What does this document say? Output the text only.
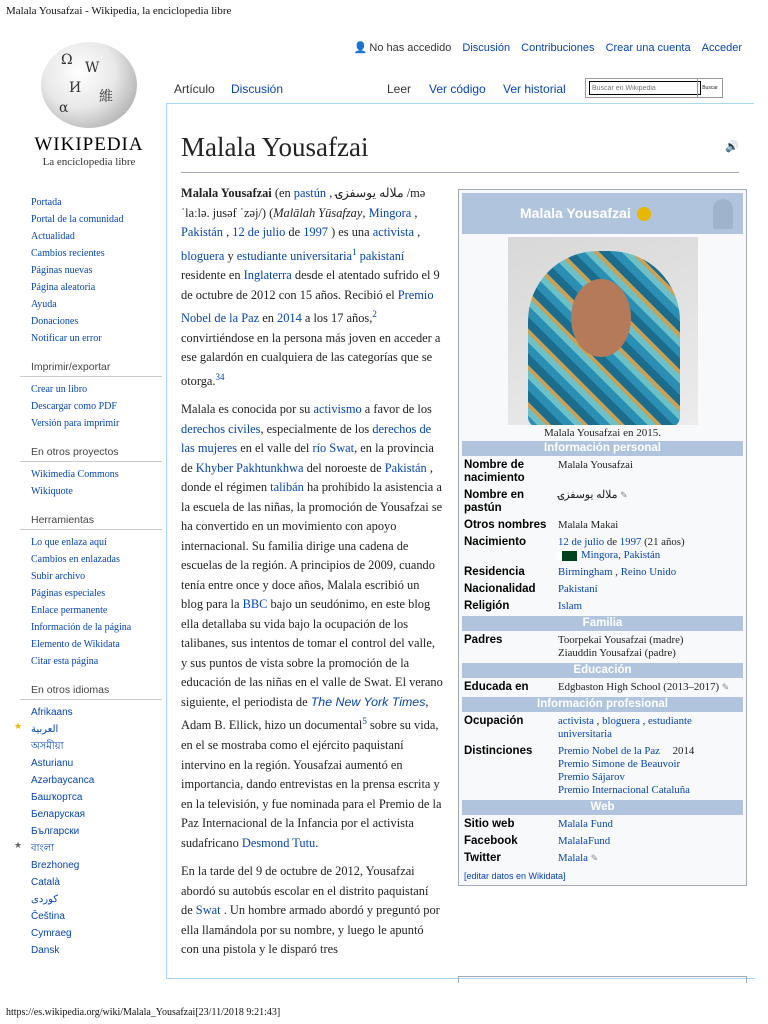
Malala Yousafzai - Wikipedia, la enciclopedia libre
Ω W
И
維
α
WIKIPEDIA
La enciclopedia libre
Portada
Portal de la comunidad
Actualidad
Cambios recientes
Páginas nuevas
Página aleatoria
Ayuda
Donaciones
Notificar un error
Imprimir/exportar
Crear un libro
Descargar como PDF
Versión para imprimir
En otros proyectos
Wikimedia Commons
Wikiquote
Herramientas
Lo que enlaza aquí
Cambios en enlazadas
Subir archivo
Páginas especiales
Enlace permanente
Información de la página
Elemento de Wikidata
Citar esta página
En otros idiomas
Afrikaans
★ العربية
অসমীয়া
Asturianu
Azərbaycanca
Башҡортса
Беларуская
Български
★ বাংলা
Brezhoneg
Català
کوردی
Čeština
Cymraeg
Dansk
👤 No has accedido Discusión Contribuciones Crear una cuenta Acceder
Artículo	Discusión	Leer	Ver código	Ver historial
Buscar en Wikipedia	Buscar
Malala Yousafzai	🔊

Malala Yousafzai (en pastún , ملاله یوسفزۍ /mə ˈlaːlə. jusəf ˈzəj/) (Malālah Yūsafzay, Mingora , Pakistán , 12 de julio de 1997 ) es una activista , bloguera y estudiante universitaria$^1$ pakistaní residente en Inglaterra desde el atentado sufrido el 9 de octubre de 2012 con 15 años. Recibió el Premio Nobel de la Paz en 2014 a los 17 años,$^2$ convirtiéndose en la persona más joven en acceder a ese galardón en cualquiera de las categorías que se otorga.$^{34}$

Malala es conocida por su activismo a favor de los derechos civiles, especialmente de los derechos de las mujeres en el valle del río Swat, en la provincia de Khyber Pakhtunkhwa del noroeste de Pakistán , donde el régimen talibán ha prohibido la asistencia a la escuela de las niñas, la promoción de Yousafzai se ha convertido en un movimiento con apoyo internacional. Su familia dirige una cadena de escuelas de la región. A principios de 2009, cuando tenía entre once y doce años, Malala escribió un blog para la BBC bajo un seudónimo, en este blog ella detallaba su vida bajo la ocupación de los talibanes, sus intentos de tomar el control del valle, y sus puntos de vista sobre la promoción de la educación de las niñas en el valle de Swat. El verano siguiente, el periodista de The New York Times, Adam B. Ellick, hizo un documental$^5$ sobre su vida, en el se mostraba como el ejército paquistaní intervino en la región. Yousafzai aumentó en importancia, dando entrevistas en la prensa escrita y en la televisión, y fue nominada para el Premio de la Paz Internacional de la Infancia por el activista sudafricano Desmond Tutu.

En la tarde del 9 de octubre de 2012, Yousafzai abordó su autobús escolar en el distrito paquistaní de Swat . Un hombre armado abordó y preguntó por ella llamándola por su nombre, y luego le apuntó con una pistola y le disparó tres

Malala Yousafzai
Malala Yousafzai en 2015.
Información personal
Nombre de nacimiento	Malala Yousafzai
Nombre en pastún	ملاله یوسفزۍ ✎
Otros nombres	Malala Makai
Nacimiento	12 de julio de 1997 (21 años)
Mingora, Pakistán
Residencia	Birmingham , Reino Unido
Nacionalidad	Pakistaní
Religión	Islam
Familia
Padres	Toorpekai Yousafzai (madre)
Ziauddin Yousafzai (padre)
Educación
Educada en	Edgbaston High School (2013–2017) ✎
Información profesional
Ocupación	activista , bloguera , estudiante universitaria
Distinciones	Premio Nobel de la Paz 2014
Premio Simone de Beauvoir
Premio Sájarov
Premio Internacional Cataluña
Web
Sitio web	Malala Fund
Facebook	MalalaFund
Twitter	Malala ✎
[editar datos en Wikidata]
https://es.wikipedia.org/wiki/Malala_Yousafzai[23/11/2018 9:21:43]
